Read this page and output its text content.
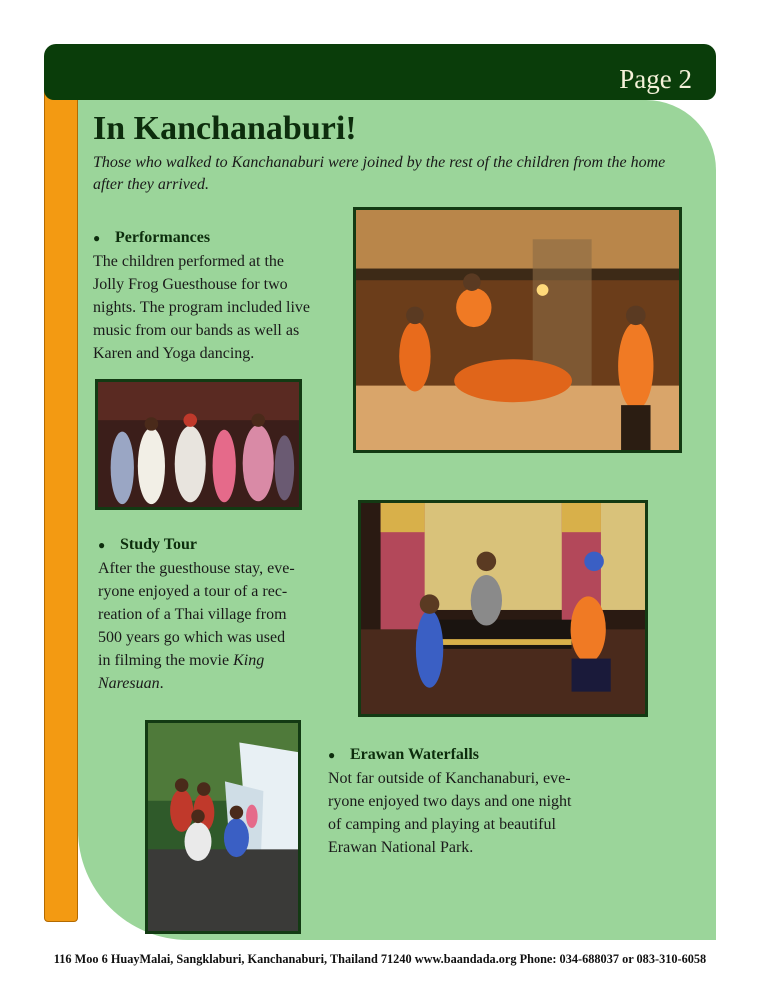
Page 2
In Kanchanaburi!

Those who walked to Kanchanaburi were joined by the rest of the children from the home after they arrived.

● Performances

The children performed at the
Jolly Frog Guesthouse for two
nights. The program included live
music from our bands as well as
Karen and Yoga dancing.

● Study Tour

After the guesthouse stay, eve-
ryone enjoyed a tour of a rec-
reation of a Thai village from
500 years go which was used
in filming the movie King
Naresuan.

● Erawan Waterfalls

Not far outside of Kanchanaburi, eve-
ryone enjoyed two days and one night
of camping and playing at beautiful
Erawan National Park.

116 Moo 6 HuayMalai, Sangklaburi, Kanchanaburi, Thailand 71240 www.baandada.org Phone: 034-688037 or 083-310-6058
